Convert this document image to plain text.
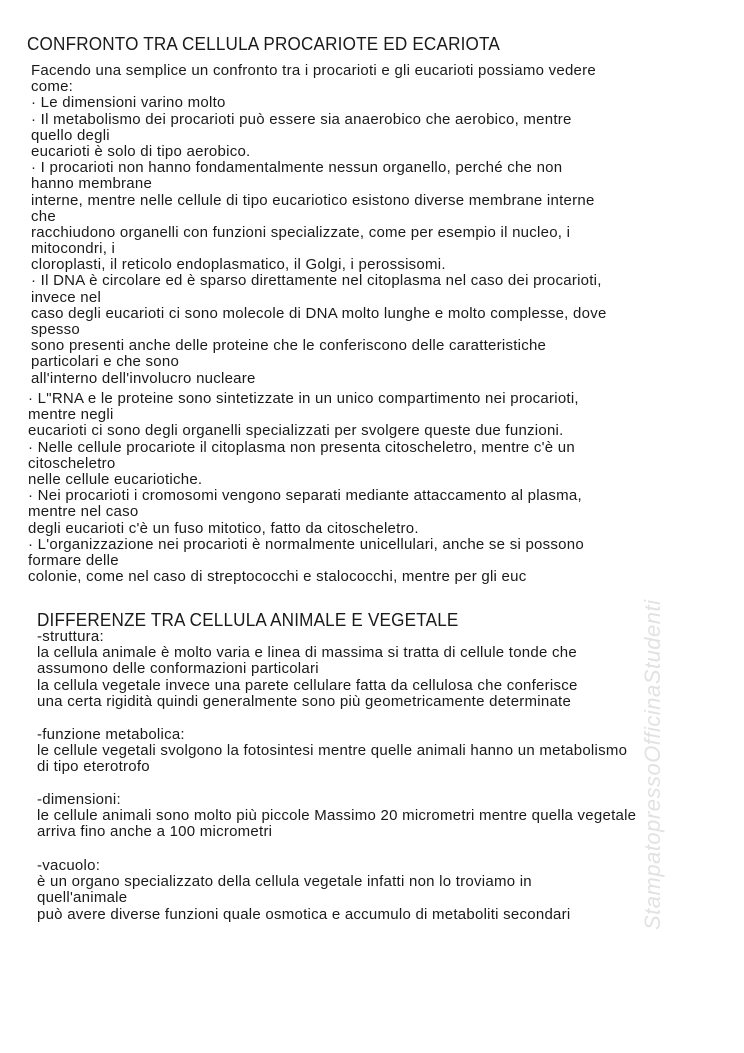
StampatopressoOfficinaStudenti
CONFRONTO TRA CELLULA PROCARIOTE ED ECARIOTA
Facendo una semplice un confronto tra i procarioti e gli eucarioti possiamo vedere
come:
· Le dimensioni varino molto
· Il metabolismo dei procarioti può essere sia anaerobico che aerobico, mentre
quello degli
eucarioti è solo di tipo aerobico.
· I procarioti non hanno fondamentalmente nessun organello, perché che non
hanno membrane
interne, mentre nelle cellule di tipo eucariotico esistono diverse membrane interne
che
racchiudono organelli con funzioni specializzate, come per esempio il nucleo, i
mitocondri, i
cloroplasti, il reticolo endoplasmatico, il Golgi, i perossisomi.
· Il DNA è circolare ed è sparso direttamente nel citoplasma nel caso dei procarioti,
invece nel
caso degli eucarioti ci sono molecole di DNA molto lunghe e molto complesse, dove
spesso
sono presenti anche delle proteine che le conferiscono delle caratteristiche
particolari e che sono
all'interno dell'involucro nucleare
· L"RNA e le proteine sono sintetizzate in un unico compartimento nei procarioti,
mentre negli
eucarioti ci sono degli organelli specializzati per svolgere queste due funzioni.
· Nelle cellule procariote il citoplasma non presenta citoscheletro, mentre c'è un
citoscheletro
nelle cellule eucariotiche.
· Nei procarioti i cromosomi vengono separati mediante attaccamento al plasma,
mentre nel caso
degli eucarioti c'è un fuso mitotico, fatto da citoscheletro.
· L'organizzazione nei procarioti è normalmente unicellulari, anche se si possono
formare delle
colonie, come nel caso di streptococchi e stalococchi, mentre per gli euc
DIFFERENZE TRA CELLULA ANIMALE E VEGETALE
-struttura:
la cellula animale è molto varia e linea di massima si tratta di cellule tonde che
assumono delle conformazioni particolari
la cellula vegetale invece una parete cellulare fatta da cellulosa che conferisce
una certa rigidità quindi generalmente sono più geometricamente determinate
-funzione metabolica:
le cellule vegetali svolgono la fotosintesi mentre quelle animali hanno un metabolismo
di tipo eterotrofo
-dimensioni:
le cellule animali sono molto più piccole Massimo 20 micrometri mentre quella vegetale
arriva fino anche a 100 micrometri
-vacuolo:
è un organo specializzato della cellula vegetale infatti non lo troviamo in
quell'animale
può avere diverse funzioni quale osmotica e accumulo di metaboliti secondari
